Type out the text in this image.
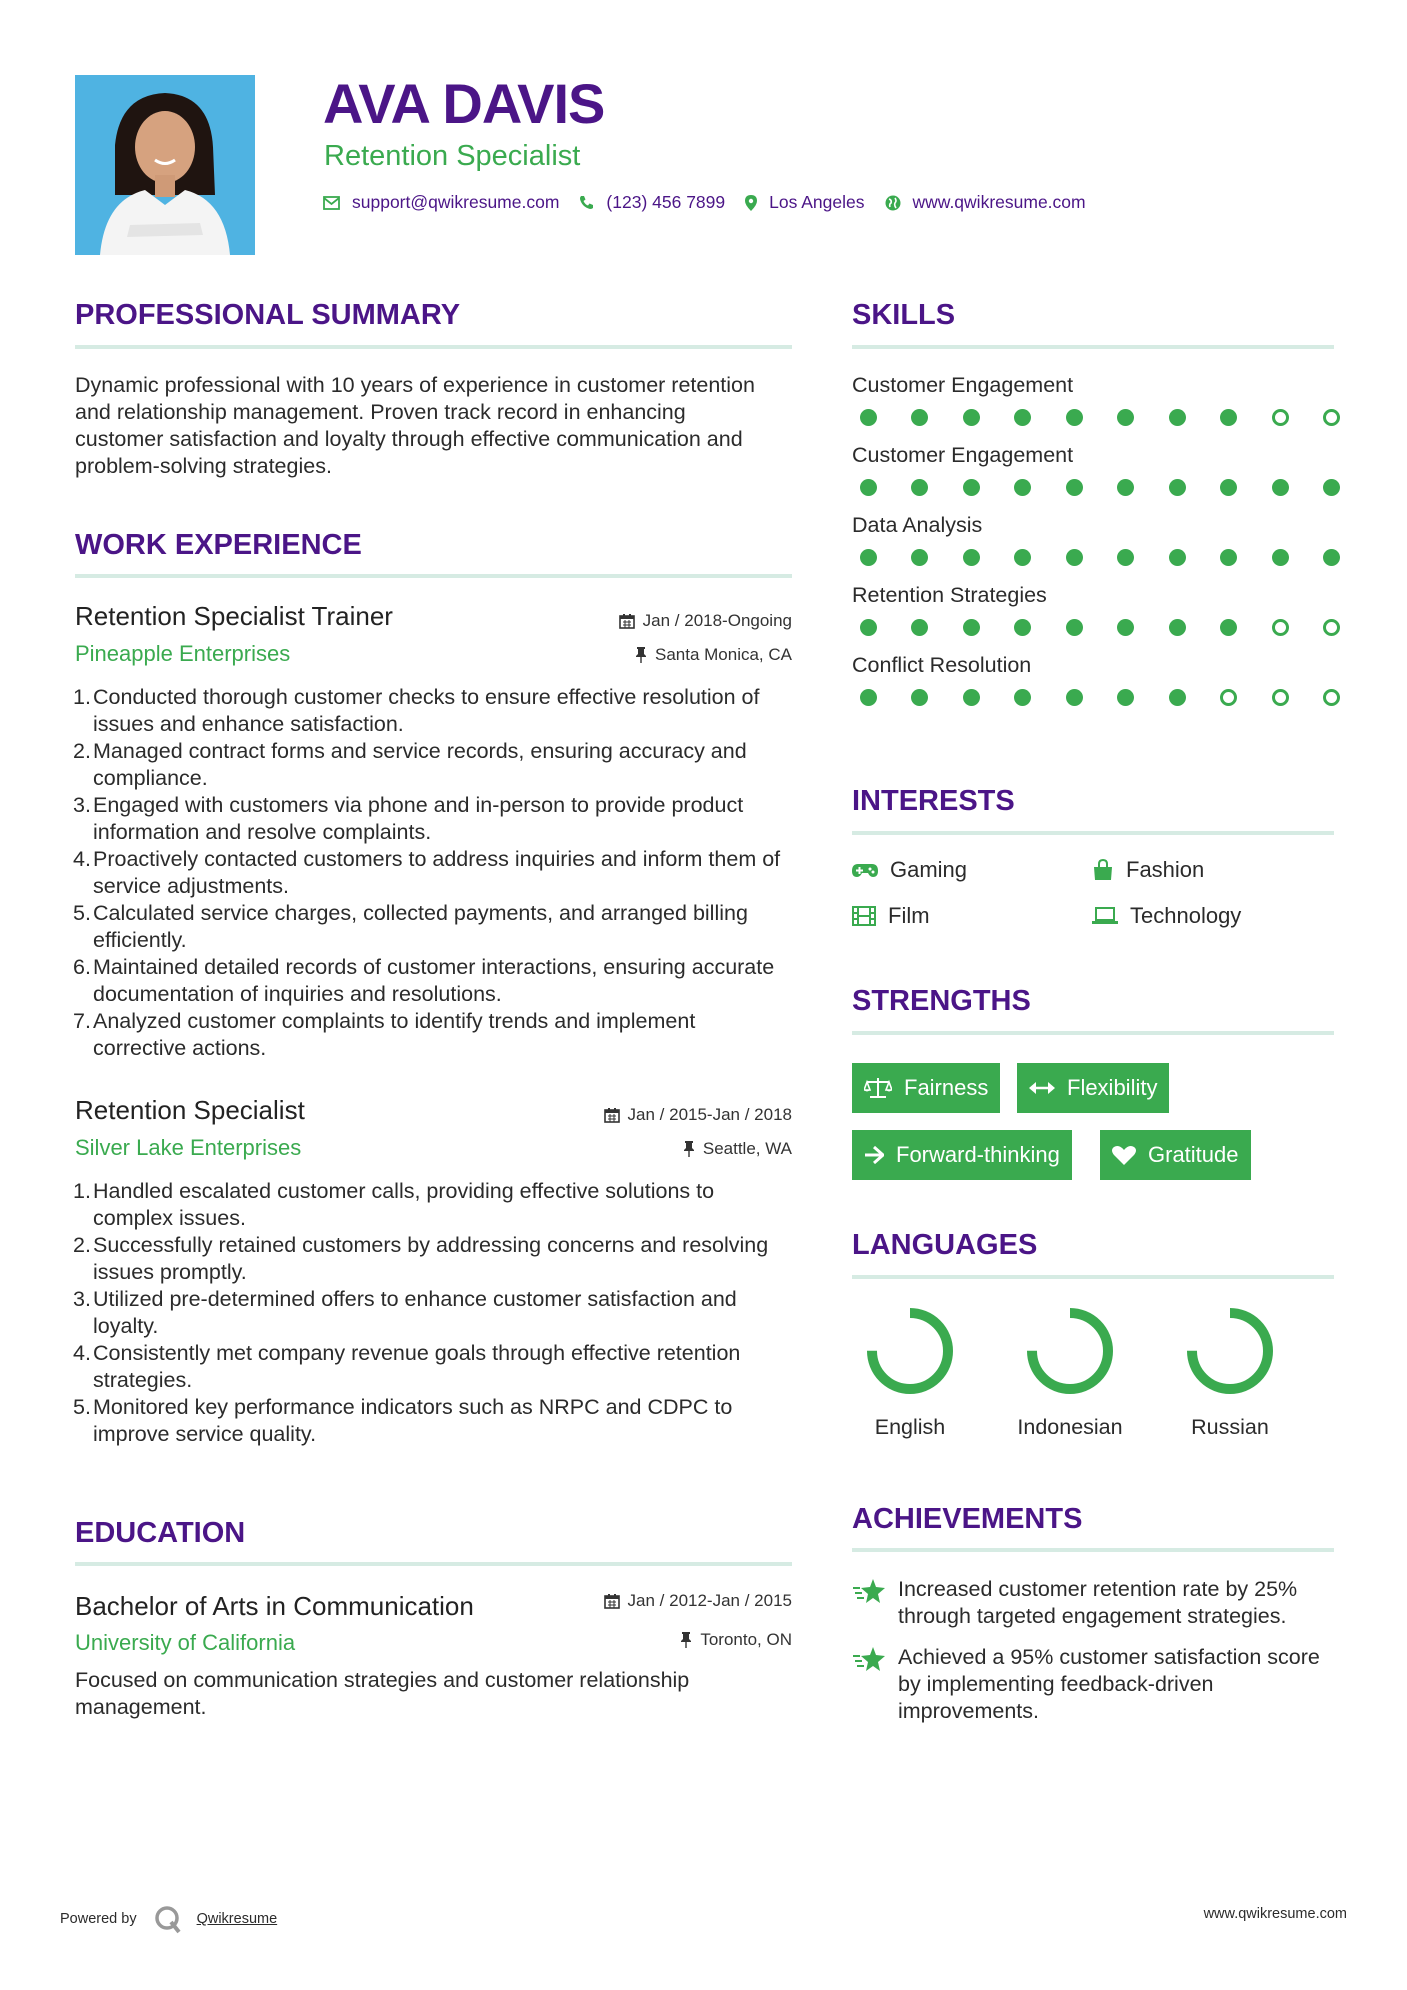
AVA DAVIS
Retention Specialist
support@qwikresume.com	(123) 456 7899	Los Angeles	www.qwikresume.com
PROFESSIONAL SUMMARY
Dynamic professional with 10 years of experience in customer retention and relationship management. Proven track record in enhancing customer satisfaction and loyalty through effective communication and problem-solving strategies.
WORK EXPERIENCE
Retention Specialist Trainer	Jan / 2018-Ongoing
Pineapple Enterprises	Santa Monica, CA
1. Conducted thorough customer checks to ensure effective resolution of issues and enhance satisfaction.
2. Managed contract forms and service records, ensuring accuracy and compliance.
3. Engaged with customers via phone and in-person to provide product information and resolve complaints.
4. Proactively contacted customers to address inquiries and inform them of service adjustments.
5. Calculated service charges, collected payments, and arranged billing efficiently.
6. Maintained detailed records of customer interactions, ensuring accurate documentation of inquiries and resolutions.
7. Analyzed customer complaints to identify trends and implement corrective actions.
Retention Specialist	Jan / 2015-Jan / 2018
Silver Lake Enterprises	Seattle, WA
1. Handled escalated customer calls, providing effective solutions to complex issues.
2. Successfully retained customers by addressing concerns and resolving issues promptly.
3. Utilized pre-determined offers to enhance customer satisfaction and loyalty.
4. Consistently met company revenue goals through effective retention strategies.
5. Monitored key performance indicators such as NRPC and CDPC to improve service quality.
EDUCATION
Bachelor of Arts in Communication	Jan / 2012-Jan / 2015
University of California	Toronto, ON
Focused on communication strategies and customer relationship management.
SKILLS
Customer Engagement
Customer Engagement
Data Analysis
Retention Strategies
Conflict Resolution
INTERESTS
Gaming	Fashion
Film	Technology
STRENGTHS
Fairness	Flexibility
Forward-thinking	Gratitude
LANGUAGES
English	Indonesian	Russian
ACHIEVEMENTS
Increased customer retention rate by 25% through targeted engagement strategies.
Achieved a 95% customer satisfaction score by implementing feedback-driven improvements.
Powered by	Qwikresume	www.qwikresume.com
